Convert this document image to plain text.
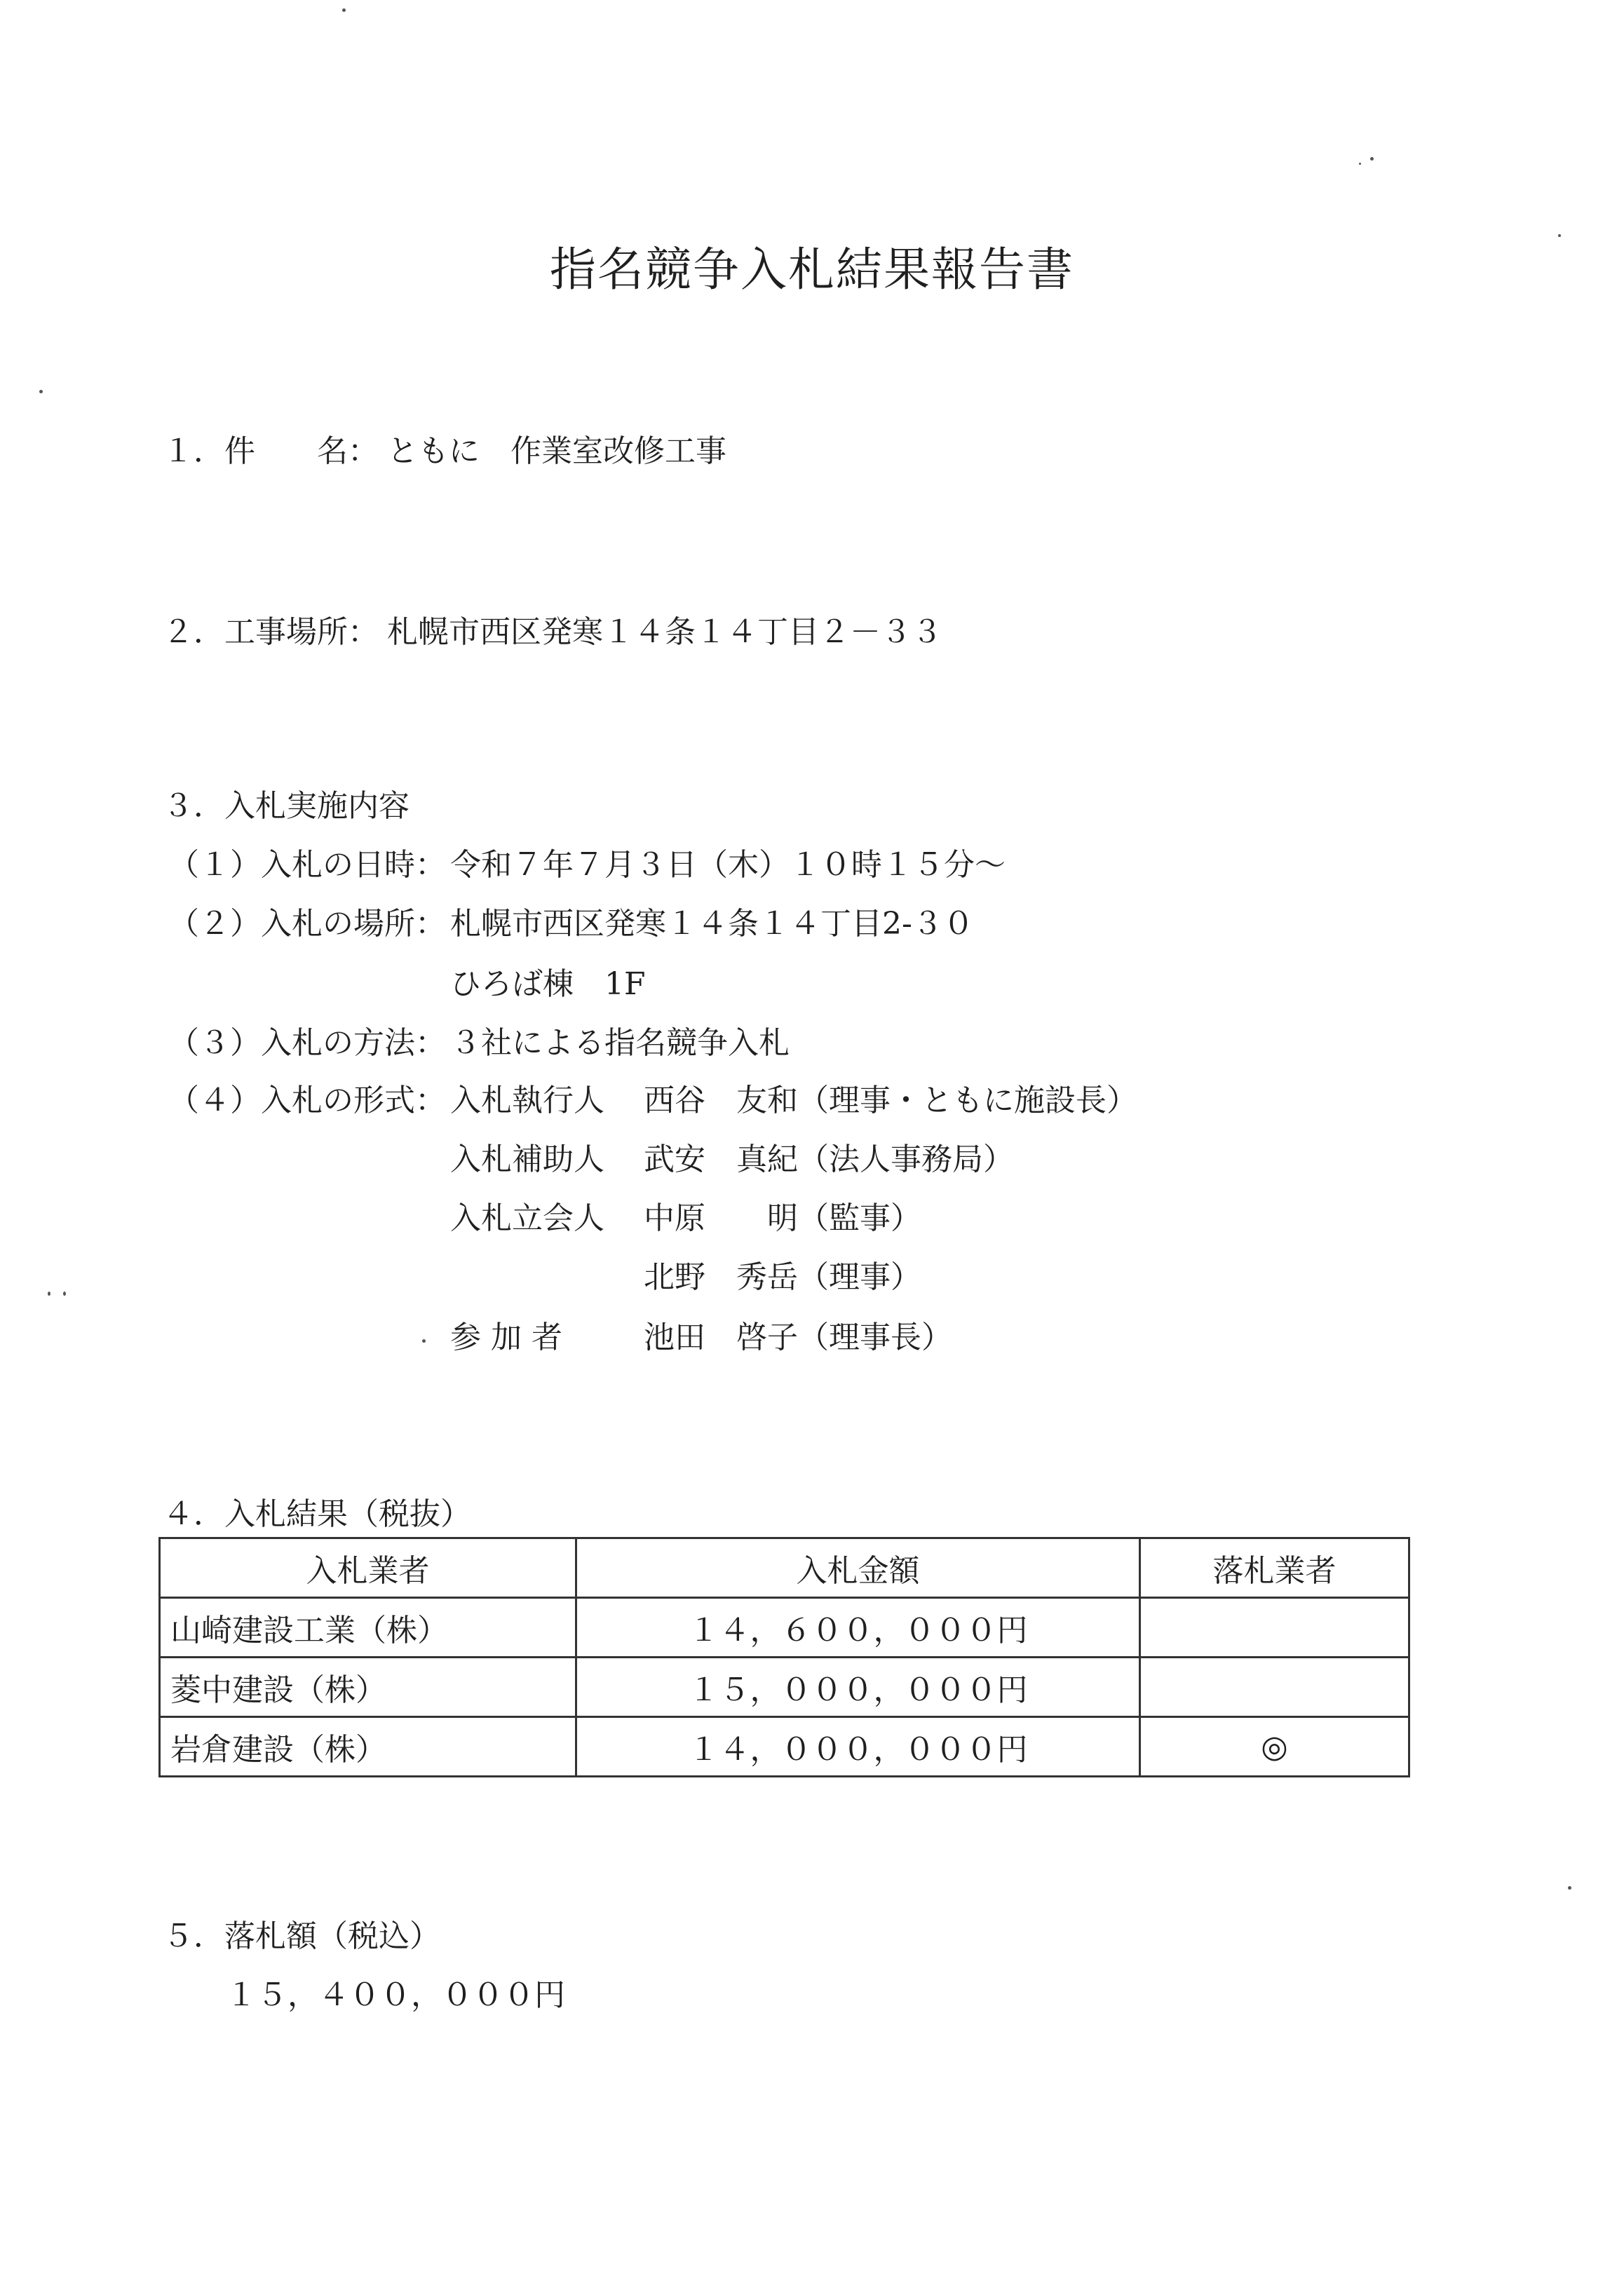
指名競争入札結果報告書
１．件　　名： ともに　作業室改修工事
２．工事場所： 札幌市西区発寒１４条１４丁目２－３３
３．入札実施内容
（１）入札の日時： 令和７年７月３日（木）１０時１５分～
（２）入札の場所： 札幌市西区発寒１４条１４丁目2-３０
ひろば棟　1F
（３）入札の方法： ３社による指名競争入札
（４）入札の形式： 入札執行人 西谷　友和（理事・ともに施設長）
入札補助人 武安　真紀（法人事務局）
入札立会人 中原　　明（監事）
北野　秀岳（理事）
参 加 者	池田　啓子（理事長）
４．入札結果（税抜）
入札業者	入札金額	落札業者
山崎建設工業（株）	１４，６００，０００円	
菱中建設（株）	１５，０００，０００円	
岩倉建設（株）	１４，０００，０００円	◎
５．落札額（税込）
１５，４００，０００円
